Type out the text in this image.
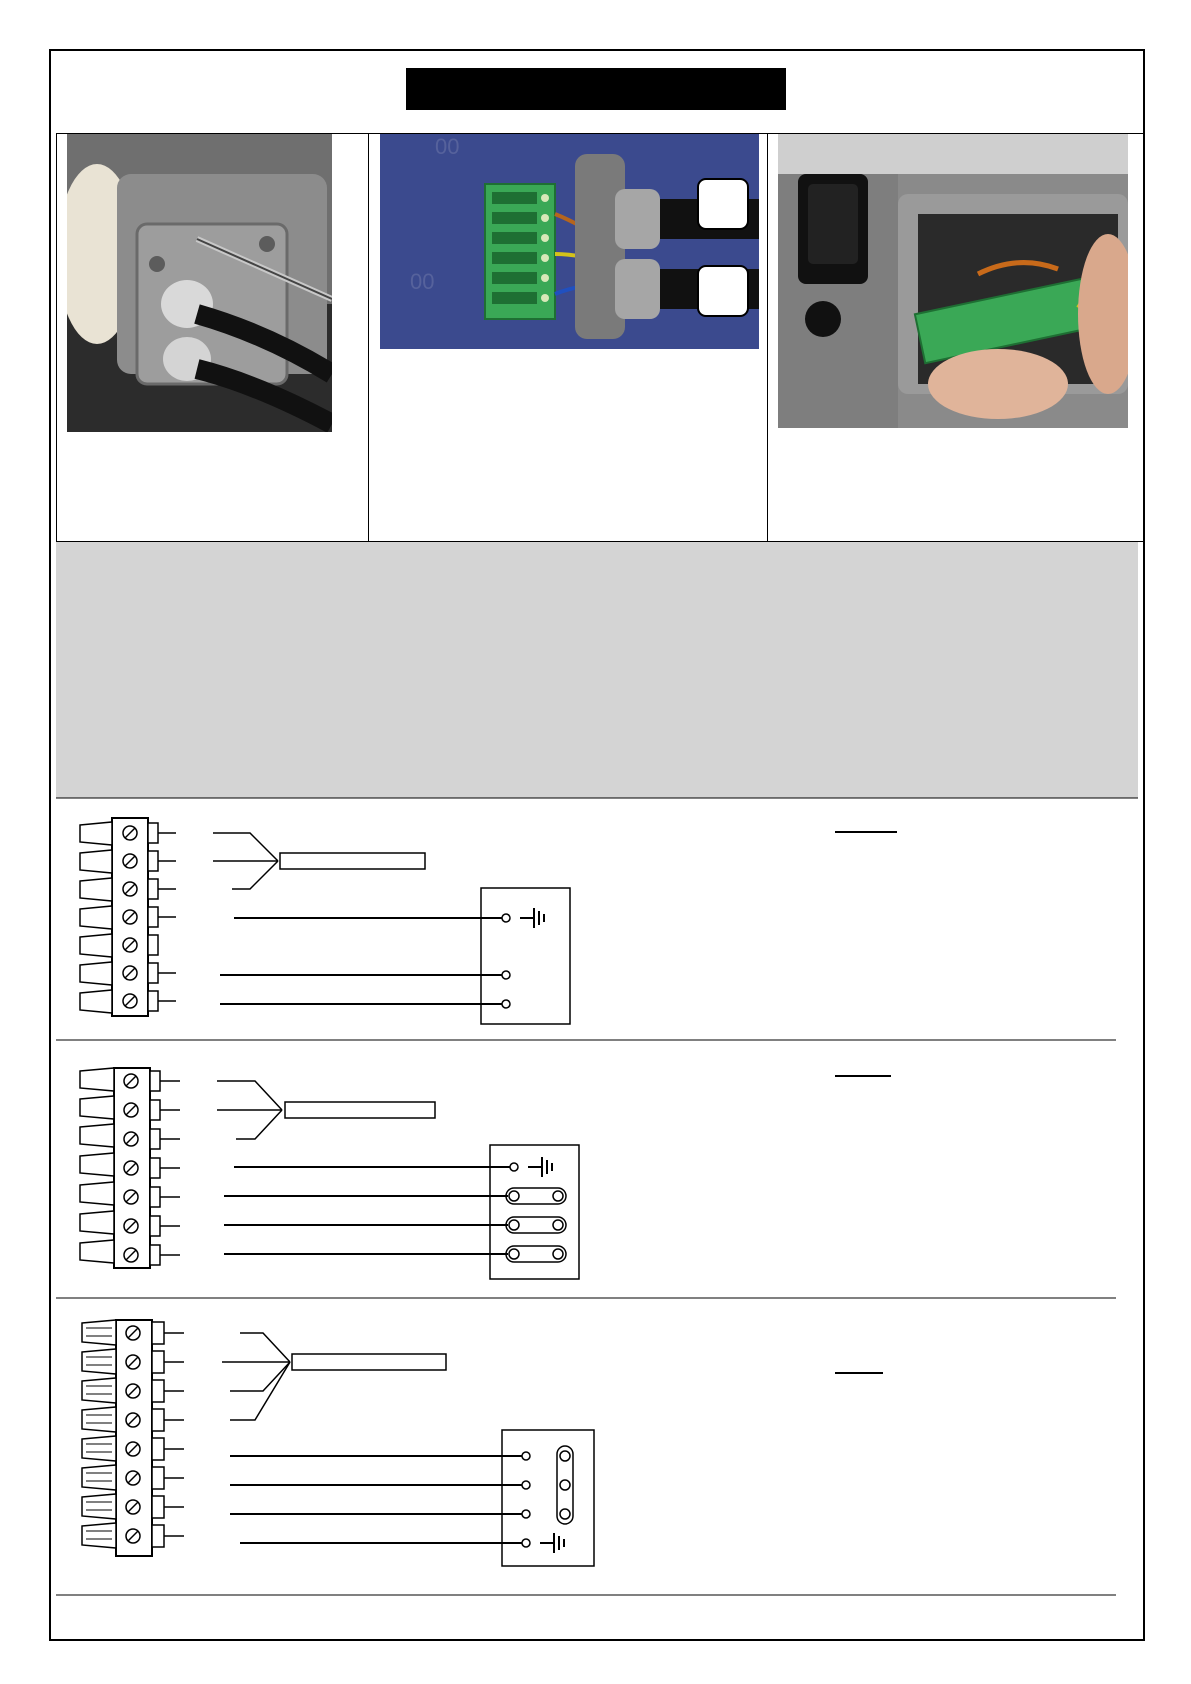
00
00
